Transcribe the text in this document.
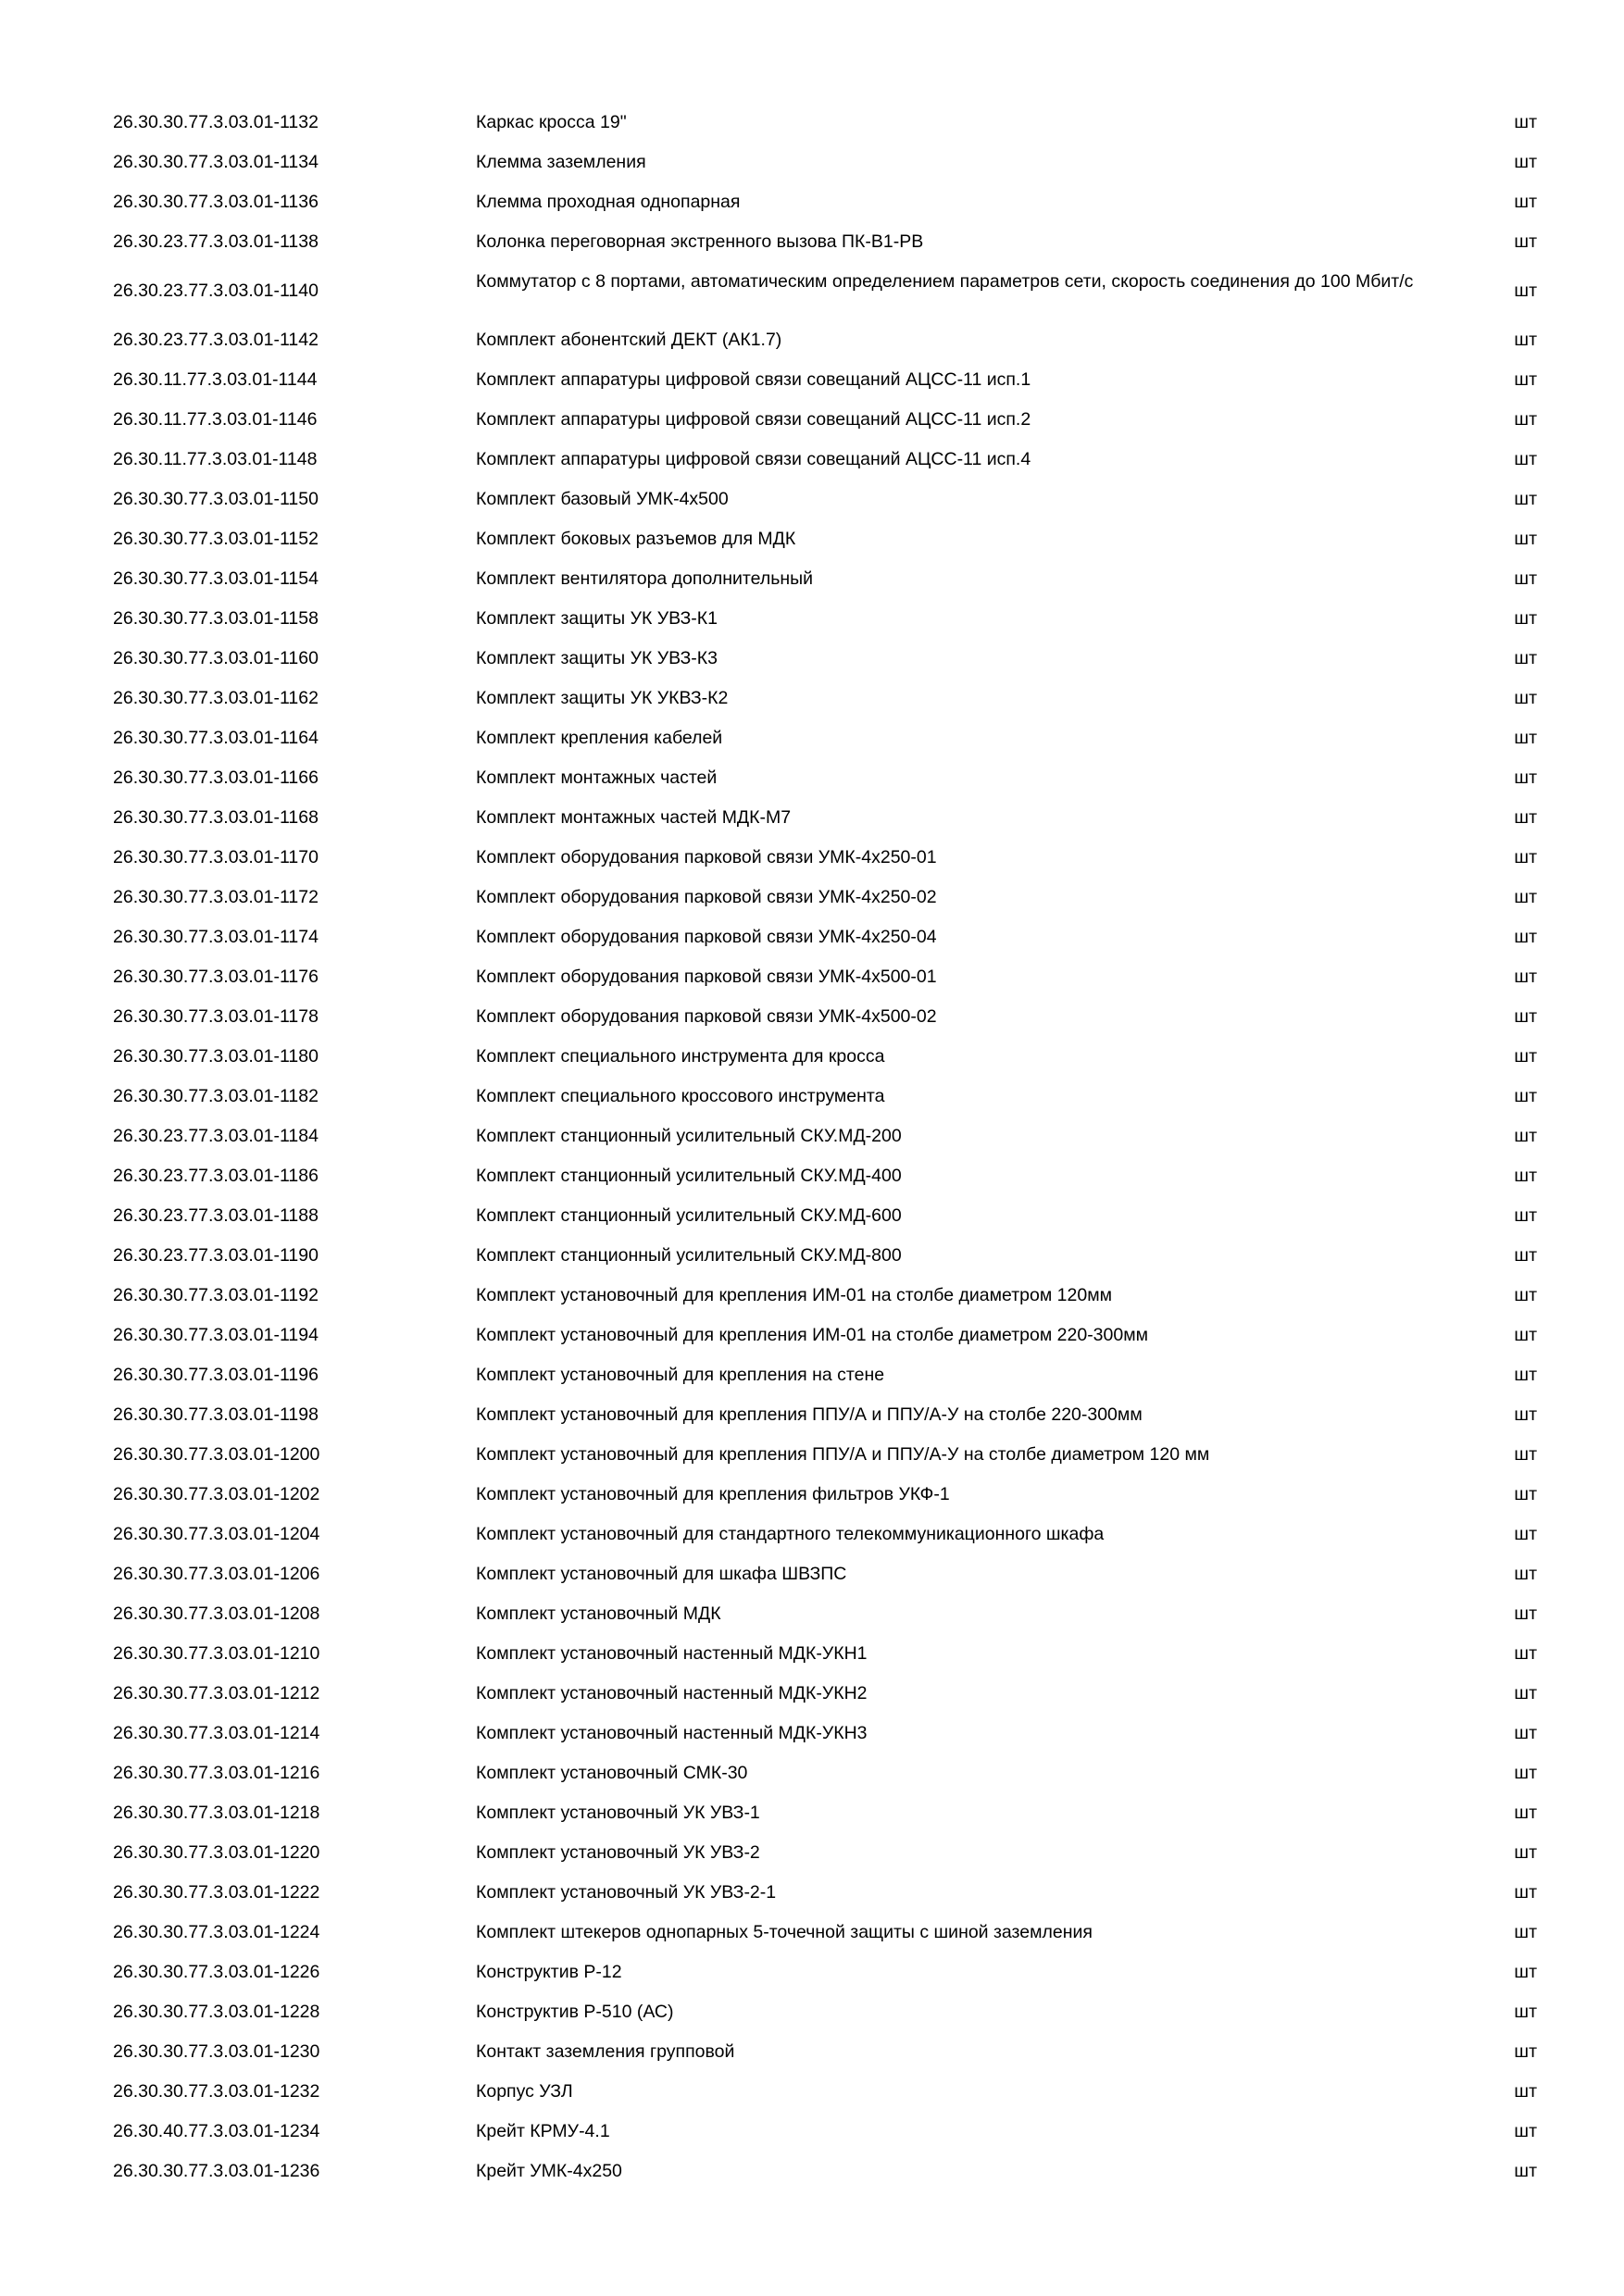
26.30.30.77.3.03.01-1132	Каркас кросса 19"	шт
26.30.30.77.3.03.01-1134	Клемма заземления	шт
26.30.30.77.3.03.01-1136	Клемма проходная однопарная	шт
26.30.23.77.3.03.01-1138	Колонка переговорная экстренного вызова ПК-В1-РВ	шт
26.30.23.77.3.03.01-1140	Коммутатор с 8 портами, автоматическим определением параметров сети, скорость соединения до 100 Мбит/с	шт
26.30.23.77.3.03.01-1142	Комплект абонентский ДЕКТ (АК1.7)	шт
26.30.11.77.3.03.01-1144	Комплект аппаратуры цифровой связи совещаний АЦСС-11 исп.1	шт
26.30.11.77.3.03.01-1146	Комплект аппаратуры цифровой связи совещаний АЦСС-11 исп.2	шт
26.30.11.77.3.03.01-1148	Комплект аппаратуры цифровой связи совещаний АЦСС-11 исп.4	шт
26.30.30.77.3.03.01-1150	Комплект базовый УМК-4х500	шт
26.30.30.77.3.03.01-1152	Комплект боковых разъемов для МДК	шт
26.30.30.77.3.03.01-1154	Комплект вентилятора дополнительный	шт
26.30.30.77.3.03.01-1158	Комплект защиты УК УВЗ-К1	шт
26.30.30.77.3.03.01-1160	Комплект защиты УК УВЗ-К3	шт
26.30.30.77.3.03.01-1162	Комплект защиты УК УКВЗ-К2	шт
26.30.30.77.3.03.01-1164	Комплект крепления кабелей	шт
26.30.30.77.3.03.01-1166	Комплект монтажных частей	шт
26.30.30.77.3.03.01-1168	Комплект монтажных частей МДК-М7	шт
26.30.30.77.3.03.01-1170	Комплект оборудования парковой связи УМК-4х250-01	шт
26.30.30.77.3.03.01-1172	Комплект оборудования парковой связи УМК-4х250-02	шт
26.30.30.77.3.03.01-1174	Комплект оборудования парковой связи УМК-4х250-04	шт
26.30.30.77.3.03.01-1176	Комплект оборудования парковой связи УМК-4х500-01	шт
26.30.30.77.3.03.01-1178	Комплект оборудования парковой связи УМК-4х500-02	шт
26.30.30.77.3.03.01-1180	Комплект специального инструмента для кросса	шт
26.30.30.77.3.03.01-1182	Комплект специального кроссового инструмента	шт
26.30.23.77.3.03.01-1184	Комплект станционный усилительный СКУ.МД-200	шт
26.30.23.77.3.03.01-1186	Комплект станционный усилительный СКУ.МД-400	шт
26.30.23.77.3.03.01-1188	Комплект станционный усилительный СКУ.МД-600	шт
26.30.23.77.3.03.01-1190	Комплект станционный усилительный СКУ.МД-800	шт
26.30.30.77.3.03.01-1192	Комплект установочный для крепления ИМ-01 на столбе диаметром 120мм	шт
26.30.30.77.3.03.01-1194	Комплект установочный для крепления ИМ-01 на столбе диаметром 220-300мм	шт
26.30.30.77.3.03.01-1196	Комплект установочный для крепления на стене	шт
26.30.30.77.3.03.01-1198	Комплект установочный для крепления ППУ/А и ППУ/А-У на столбе 220-300мм	шт
26.30.30.77.3.03.01-1200	Комплект установочный для крепления ППУ/А и ППУ/А-У на столбе диаметром 120 мм	шт
26.30.30.77.3.03.01-1202	Комплект установочный для крепления фильтров УКФ-1	шт
26.30.30.77.3.03.01-1204	Комплект установочный для стандартного телекоммуникационного шкафа	шт
26.30.30.77.3.03.01-1206	Комплект установочный для шкафа ШВЗПС	шт
26.30.30.77.3.03.01-1208	Комплект установочный МДК	шт
26.30.30.77.3.03.01-1210	Комплект установочный настенный МДК-УКН1	шт
26.30.30.77.3.03.01-1212	Комплект установочный настенный МДК-УКН2	шт
26.30.30.77.3.03.01-1214	Комплект установочный настенный МДК-УКН3	шт
26.30.30.77.3.03.01-1216	Комплект установочный СМК-30	шт
26.30.30.77.3.03.01-1218	Комплект установочный УК УВЗ-1	шт
26.30.30.77.3.03.01-1220	Комплект установочный УК УВЗ-2	шт
26.30.30.77.3.03.01-1222	Комплект установочный УК УВЗ-2-1	шт
26.30.30.77.3.03.01-1224	Комплект штекеров однопарных 5-точечной защиты с шиной заземления	шт
26.30.30.77.3.03.01-1226	Конструктив Р-12	шт
26.30.30.77.3.03.01-1228	Конструктив Р-510 (АС)	шт
26.30.30.77.3.03.01-1230	Контакт заземления групповой	шт
26.30.30.77.3.03.01-1232	Корпус УЗЛ	шт
26.30.40.77.3.03.01-1234	Крейт КРМУ-4.1	шт
26.30.30.77.3.03.01-1236	Крейт УМК-4х250	шт
